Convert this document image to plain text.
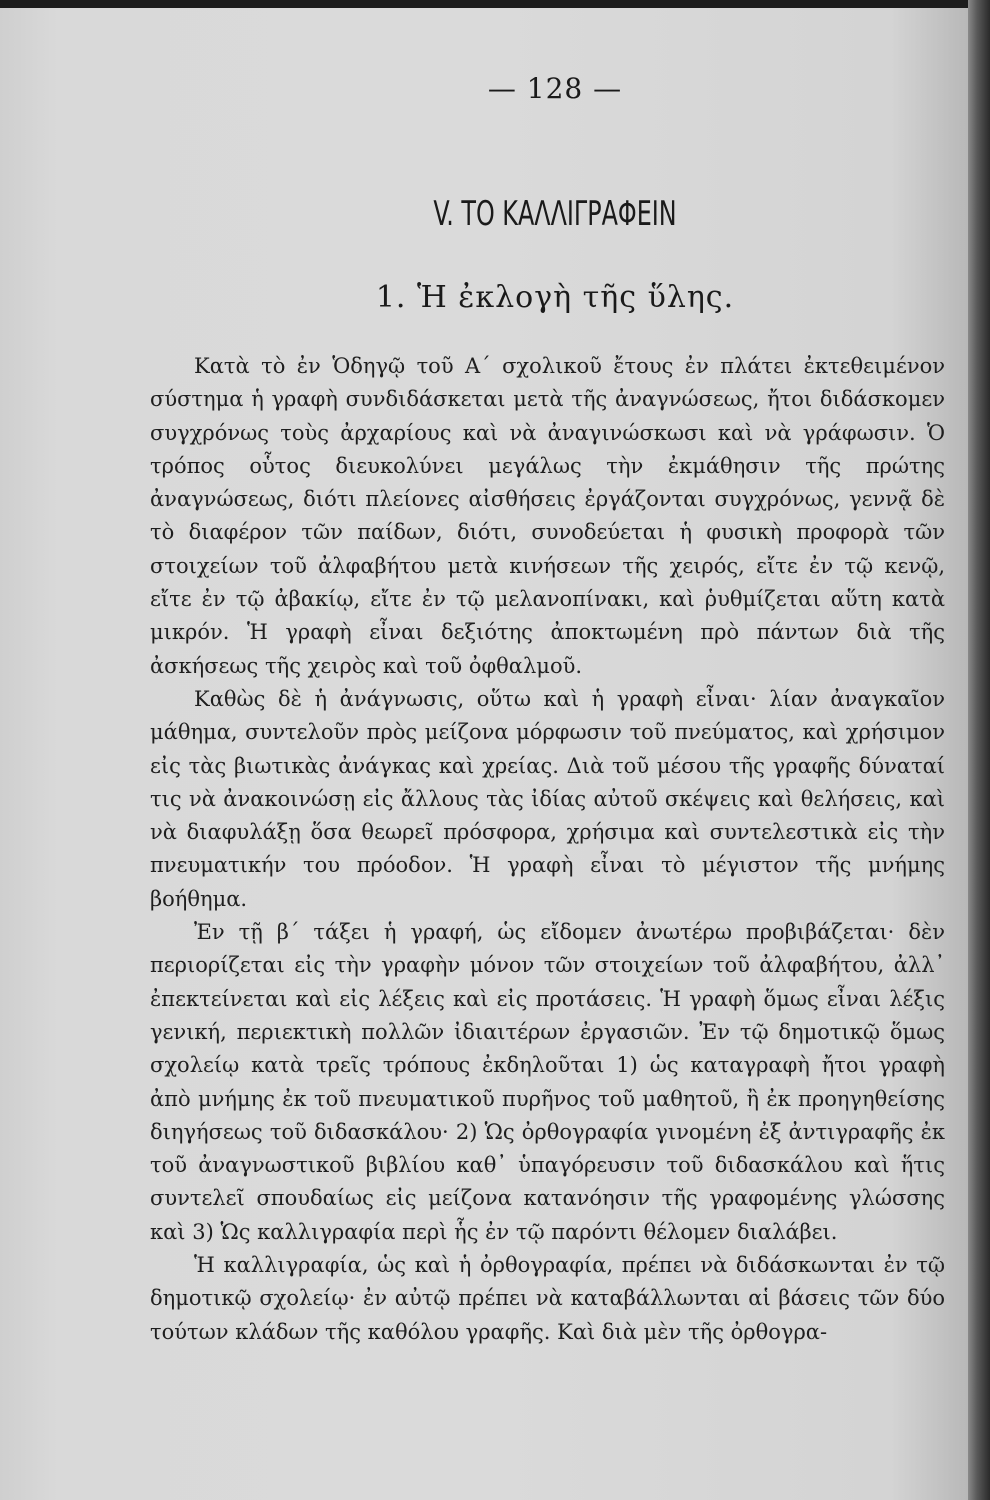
— 128 —
V. ΤΟ ΚΑΛΛΙΓΡΑΦΕΙΝ
1. Ἡ ἐκλογὴ τῆς ὕλης.

Κατὰ τὸ ἐν Ὁδηγῷ τοῦ Α΄ σχολικοῦ ἔτους ἐν πλάτει ἐκτεθειμένον σύστημα ἡ γραφὴ συνδιδάσκεται μετὰ τῆς ἀναγνώσεως, ἤτοι διδάσκομεν συγχρόνως τοὺς ἀρχαρίους καὶ νὰ ἀναγινώσκωσι καὶ νὰ γράφωσιν. Ὁ τρόπος οὗτος διευκολύνει μεγάλως τὴν ἐκμάθησιν τῆς πρώτης ἀναγνώσεως, διότι πλείονες αἰσθήσεις ἐργάζονται συγχρόνως, γεννᾷ δὲ τὸ διαφέρον τῶν παίδων, διότι, συνοδεύεται ἡ φυσικὴ προφορὰ τῶν στοιχείων τοῦ ἀλφαβήτου μετὰ κινήσεων τῆς χειρός, εἴτε ἐν τῷ κενῷ, εἴτε ἐν τῷ ἀβακίῳ, εἴτε ἐν τῷ μελανοπίνακι, καὶ ῥυθμίζεται αὕτη κατὰ μικρόν. Ἡ γραφὴ εἶναι δεξιότης ἀποκτωμένη πρὸ πάντων διὰ τῆς ἀσκήσεως τῆς χειρὸς καὶ τοῦ ὀφθαλμοῦ.

Καθὼς δὲ ἡ ἀνάγνωσις, οὕτω καὶ ἡ γραφὴ εἶναι· λίαν ἀναγκαῖον μάθημα, συντελοῦν πρὸς μείζονα μόρφωσιν τοῦ πνεύματος, καὶ χρήσιμον εἰς τὰς βιωτικὰς ἀνάγκας καὶ χρείας. Διὰ τοῦ μέσου τῆς γραφῆς δύναταί τις νὰ ἀνακοινώσῃ εἰς ἄλλους τὰς ἰδίας αὐτοῦ σκέψεις καὶ θελήσεις, καὶ νὰ διαφυλάξῃ ὅσα θεωρεῖ πρόσφορα, χρήσιμα καὶ συντελεστικὰ εἰς τὴν πνευματικήν του πρόοδον. Ἡ γραφὴ εἶναι τὸ μέγιστον τῆς μνήμης βοήθημα.

Ἐν τῇ β΄ τάξει ἡ γραφή, ὡς εἴδομεν ἀνωτέρω προβιβάζεται· δὲν περιορίζεται εἰς τὴν γραφὴν μόνον τῶν στοιχείων τοῦ ἀλφαβήτου, ἀλλ᾽ ἐπεκτείνεται καὶ εἰς λέξεις καὶ εἰς προτάσεις. Ἡ γραφὴ ὅμως εἶναι λέξις γενική, περιεκτικὴ πολλῶν ἰδιαιτέρων ἐργασιῶν. Ἐν τῷ δημοτικῷ ὅμως σχολείῳ κατὰ τρεῖς τρόπους ἐκδηλοῦται 1) ὡς καταγραφὴ ἤτοι γραφὴ ἀπὸ μνήμης ἐκ τοῦ πνευματικοῦ πυρῆνος τοῦ μαθητοῦ, ἢ ἐκ προηγηθείσης διηγήσεως τοῦ διδασκάλου· 2) Ὡς ὀρθογραφία γινομένη ἐξ ἀντιγραφῆς ἐκ τοῦ ἀναγνωστικοῦ βιβλίου καθ᾽ ὑπαγόρευσιν τοῦ διδασκάλου καὶ ἥτις συντελεῖ σπουδαίως εἰς μείζονα κατανόησιν τῆς γραφομένης γλώσσης καὶ 3) Ὡς καλλιγραφία περὶ ἧς ἐν τῷ παρόντι θέλομεν διαλάβει.

Ἡ καλλιγραφία, ὡς καὶ ἡ ὀρθογραφία, πρέπει νὰ διδάσκωνται ἐν τῷ δημοτικῷ σχολείῳ· ἐν αὐτῷ πρέπει νὰ καταβάλλωνται αἱ βάσεις τῶν δύο τούτων κλάδων τῆς καθόλου γραφῆς. Καὶ διὰ μὲν τῆς ὀρθογρα-
